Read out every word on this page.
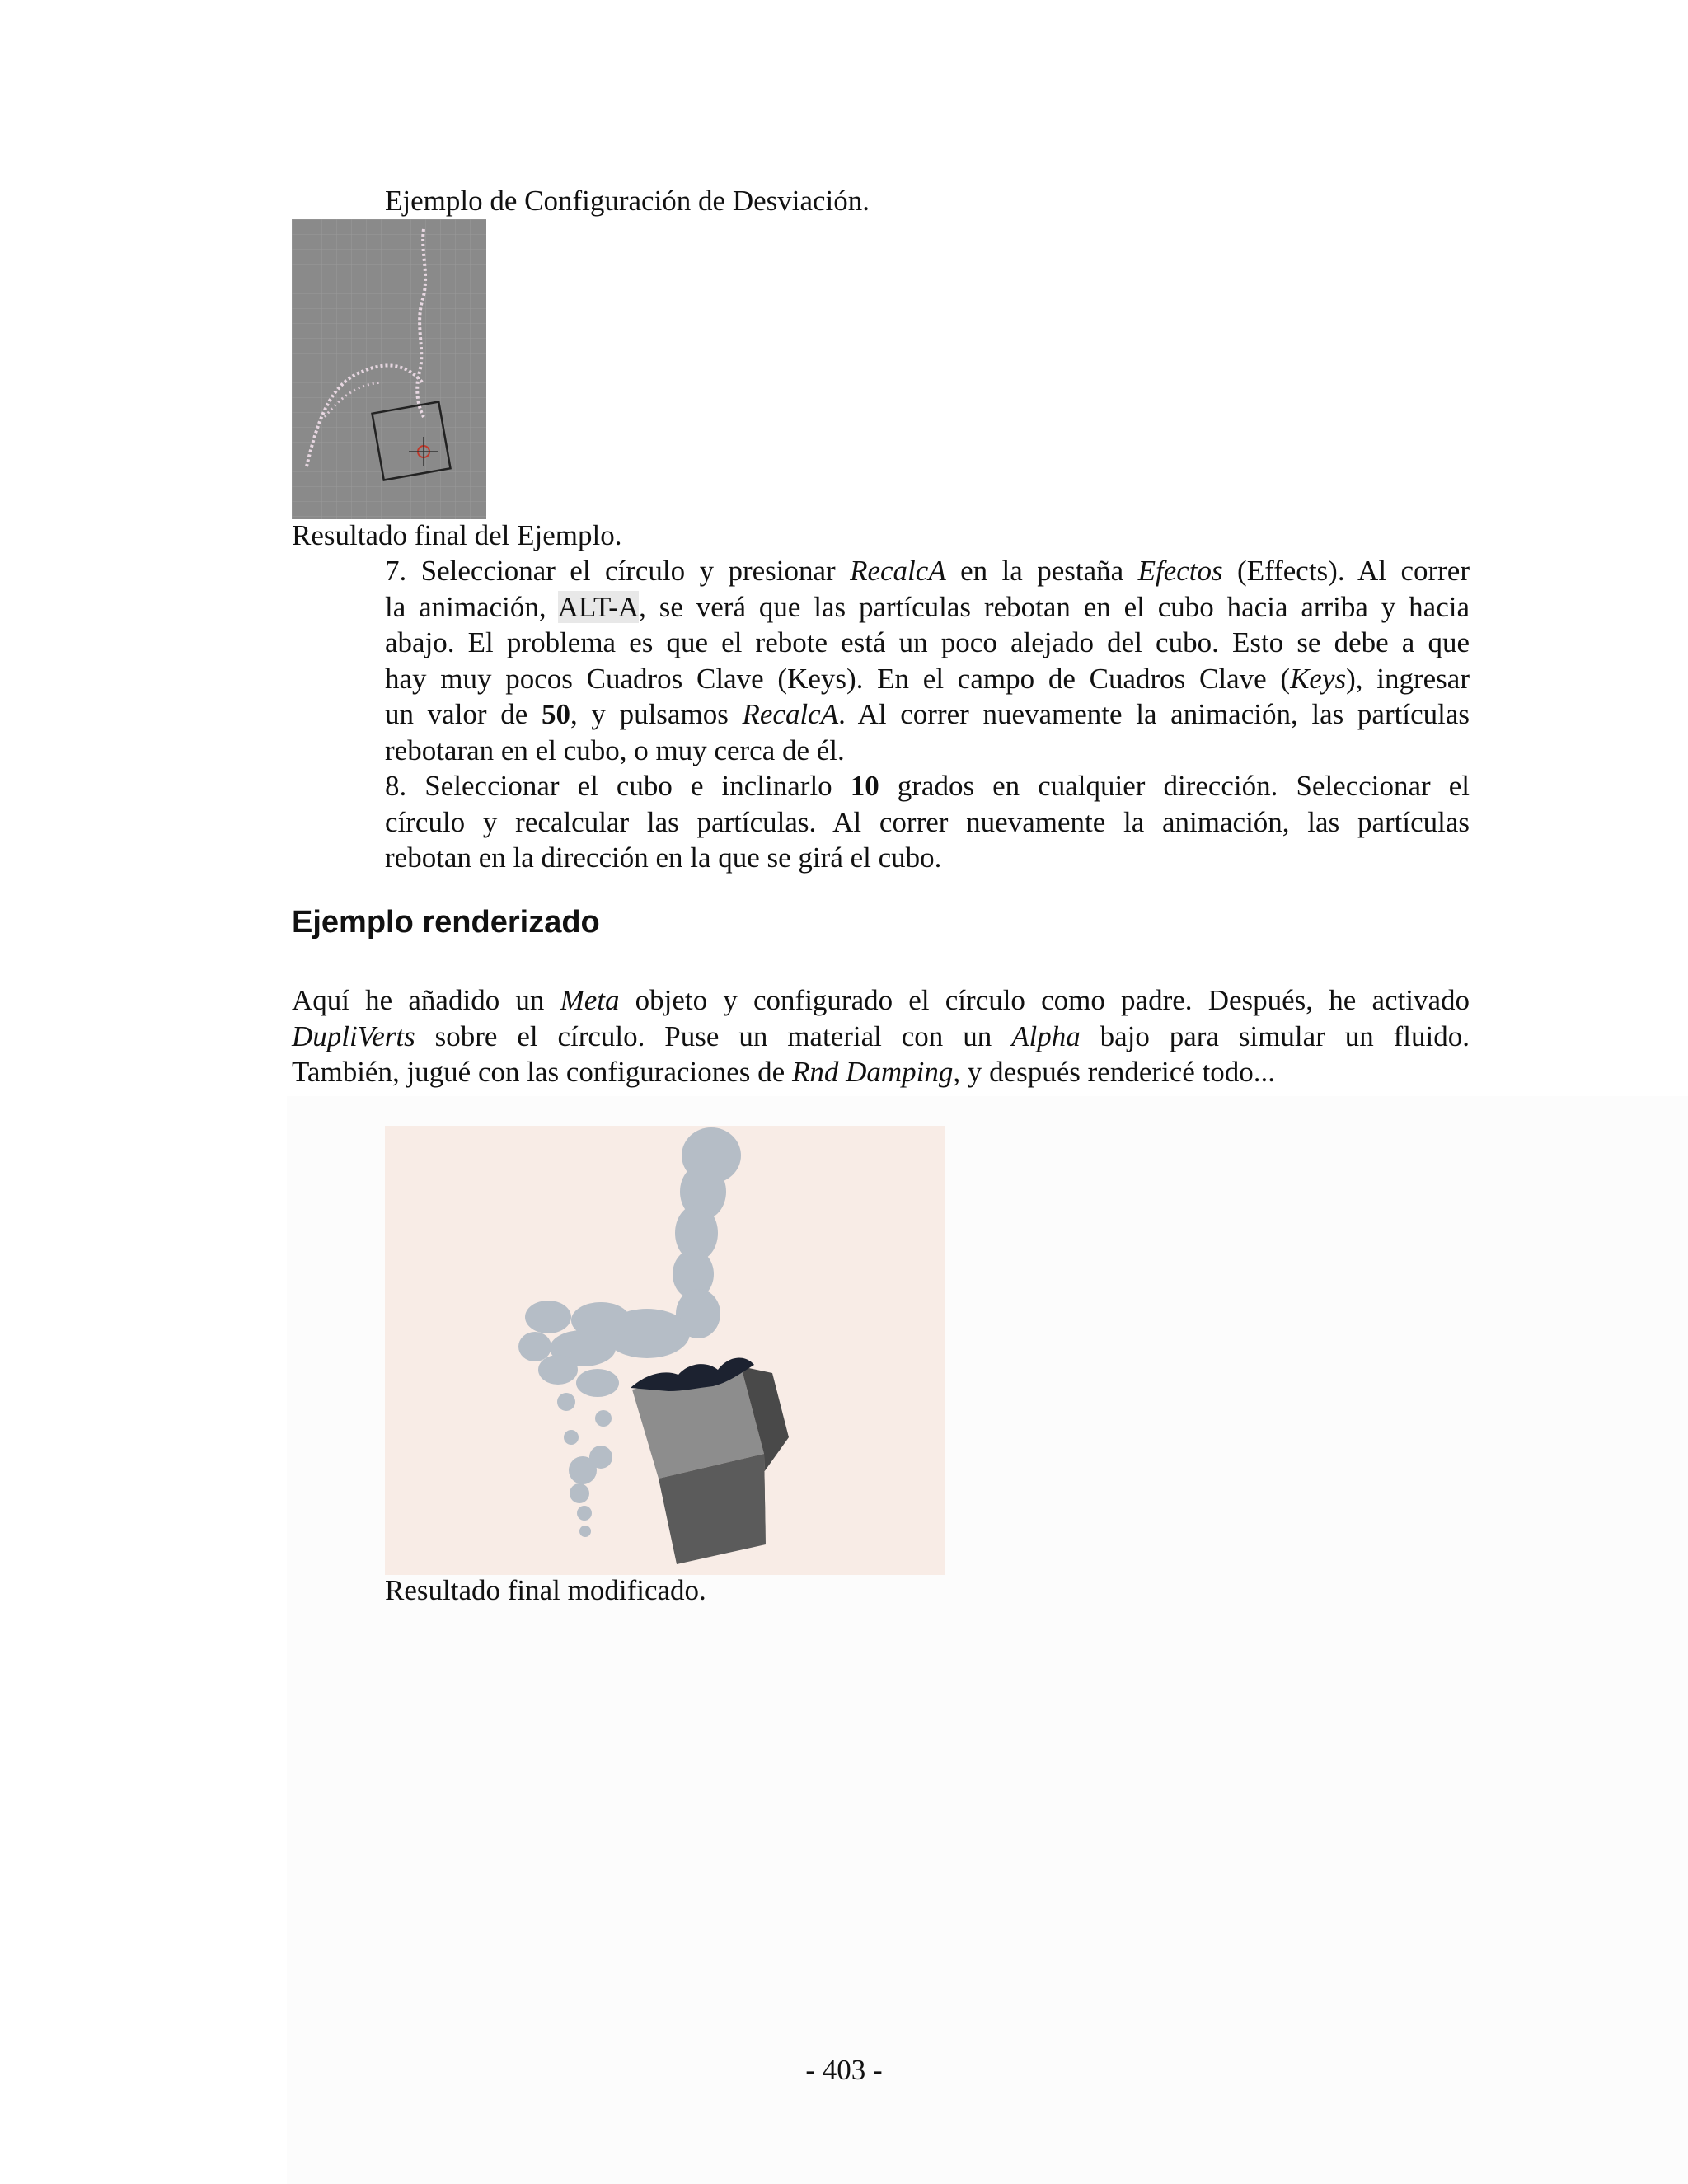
Ejemplo de Configuración de Desviación.

Resultado final del Ejemplo.

7. Seleccionar el círculo y presionar RecalcA en la pestaña Efectos (Effects). Al correr
la animación, ALT-A, se verá que las partículas rebotan en el cubo hacia arriba y hacia
abajo. El problema es que el rebote está un poco alejado del cubo. Esto se debe a que
hay muy pocos Cuadros Clave (Keys). En el campo de Cuadros Clave (Keys), ingresar
un valor de 50, y pulsamos RecalcA. Al correr nuevamente la animación, las partículas
rebotaran en el cubo, o muy cerca de él.
8. Seleccionar el cubo e inclinarlo 10 grados en cualquier dirección. Seleccionar el
círculo y recalcular las partículas. Al correr nuevamente la animación, las partículas
rebotan en la dirección en la que se girá el cubo.
Ejemplo renderizado
Aquí he añadido un Meta objeto y configurado el círculo como padre. Después, he activado
DupliVerts sobre el círculo. Puse un material con un Alpha bajo para simular un fluido.
También, jugué con las configuraciones de Rnd Damping, y después rendericé todo...

Resultado final modificado.

- 403 -
